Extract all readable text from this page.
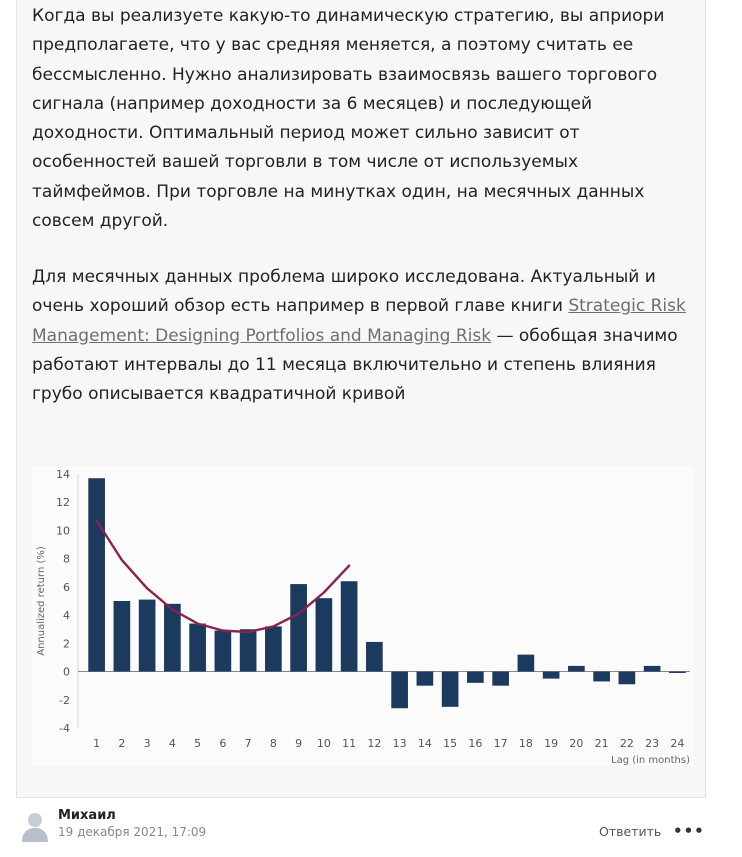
Когда вы реализуете какую-то динамическую стратегию, вы априори предполагаете, что у вас средняя меняется, а поэтому считать ее бессмысленно. Нужно анализировать взаимосвязь вашего торгового сигнала (например доходности за 6 месяцев) и последующей доходности. Оптимальный период может сильно зависит от особенностей вашей торговли в том числе от используемых таймфеймов. При торговле на минутках один, на месячных данных совсем другой.

Для месячных данных проблема широко исследована. Актуальный и очень хороший обзор есть например в первой главе книги Strategic Risk Management: Designing Portfolios and Managing Risk — обобщая значимо работают интервалы до 11 месяца включительно и степень влияния грубо описывается квадратичной кривой

-4
-2
0
2
4
6
8
10
12
14
Annualized return (%)
1 2 3 4 5 6 7 8 9 10 11 12 13 14 15 16 17 18 19 20 21 22 23 24
Lag (in months)
Михаил
19 декабря 2021, 17:09	Ответить •••
